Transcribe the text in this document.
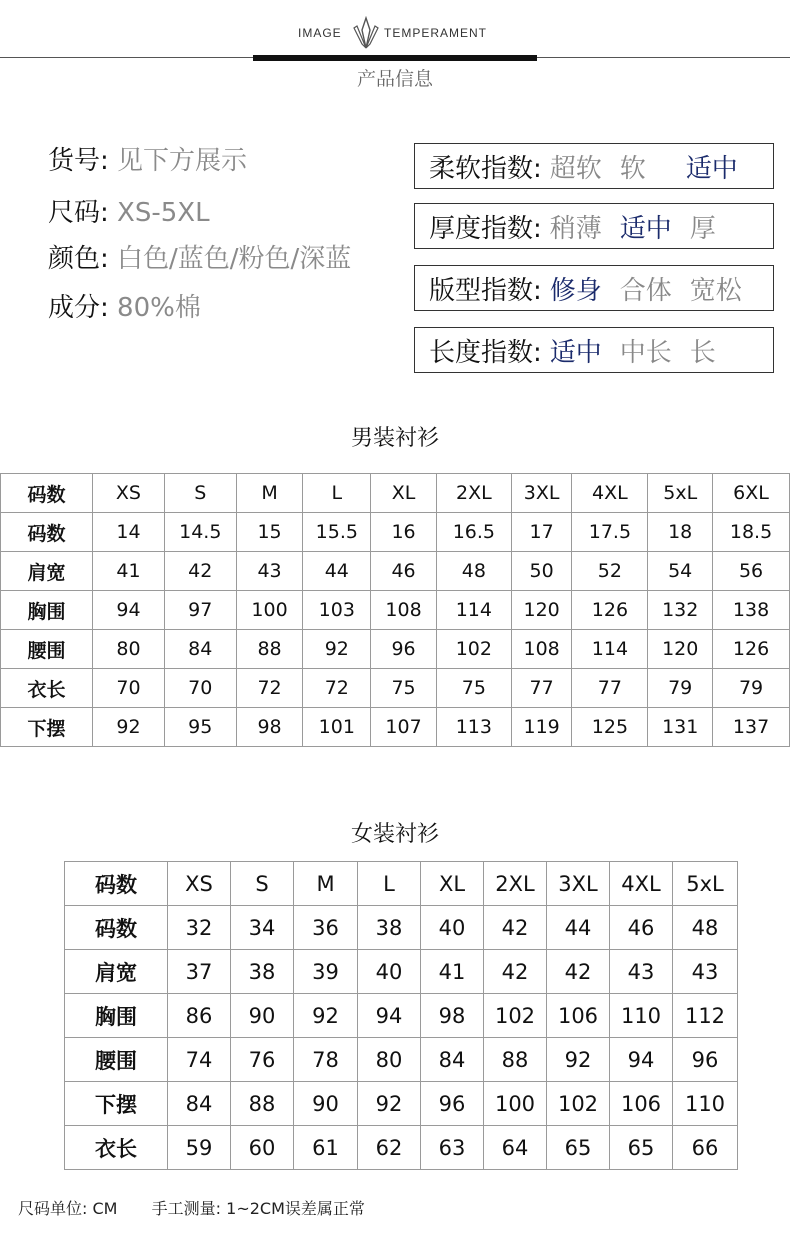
IMAGE	TEMPERAMENT
产品信息
货号: 见下方展示
尺码: XS-5XL
颜色: 白色/蓝色/粉色/深蓝
成分: 80%棉
柔软指数: 超软 软 适中
厚度指数: 稍薄 适中 厚
版型指数: 修身 合体 宽松
长度指数: 适中 中长 长
男装衬衫
码数	XS	S	M	L	XL	2XL	3XL	4XL	5xL	6XL
码数	14	14.5	15	15.5	16	16.5	17	17.5	18	18.5
肩宽	41	42	43	44	46	48	50	52	54	56
胸围	94	97	100	103	108	114	120	126	132	138
腰围	80	84	88	92	96	102	108	114	120	126
衣长	70	70	72	72	75	75	77	77	79	79
下摆	92	95	98	101	107	113	119	125	131	137
女装衬衫
码数	XS	S	M	L	XL	2XL	3XL	4XL	5xL
码数	32	34	36	38	40	42	44	46	48
肩宽	37	38	39	40	41	42	42	43	43
胸围	86	90	92	94	98	102	106	110	112
腰围	74	76	78	80	84	88	92	94	96
下摆	84	88	90	92	96	100	102	106	110
衣长	59	60	61	62	63	64	65	65	66
尺码单位: CM 手工测量: 1~2CM误差属正常
